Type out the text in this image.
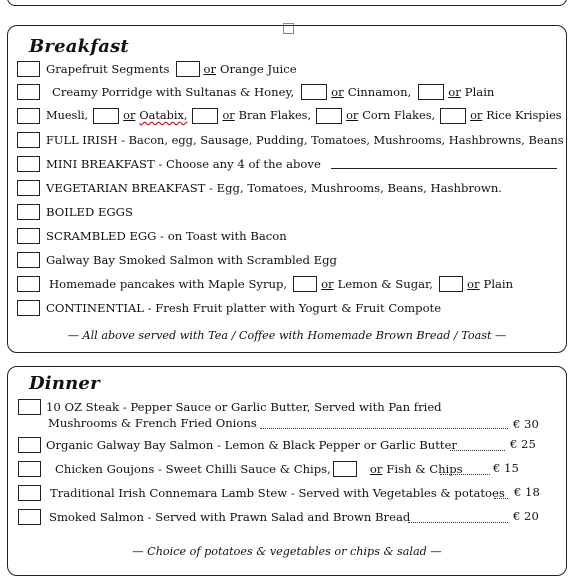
Breakfast
Grapefruit Segments	or Orange Juice
Creamy Porridge with Sultanas & Honey,	or Cinnamon,	or Plain
Muesli,	or Oatabix,	or Bran Flakes,	or Corn Flakes,	or Rice Krispies
FULL IRISH - Bacon, egg, Sausage, Pudding, Tomatoes, Mushrooms, Hashbrowns, Beans
MINI BREAKFAST - Choose any 4 of the above
VEGETARIAN BREAKFAST - Egg, Tomatoes, Mushrooms, Beans, Hashbrown.
BOILED EGGS
SCRAMBLED EGG - on Toast with Bacon
Galway Bay Smoked Salmon with Scrambled Egg
Homemade pancakes with Maple Syrup,	or Lemon & Sugar,	or Plain
CONTINENTIAL - Fresh Fruit platter with Yogurt & Fruit Compote
— All above served with Tea / Coffee with Homemade Brown Bread / Toast —
Dinner
10 OZ Steak - Pepper Sauce or Garlic Butter, Served with Pan fried
Mushrooms & French Fried Onions	€ 30
Organic Galway Bay Salmon - Lemon & Black Pepper or Garlic Butter	€ 25
Chicken Goujons - Sweet Chilli Sauce & Chips,	or Fish & Chips	€ 15
Traditional Irish Connemara Lamb Stew - Served with Vegetables & potatoes € 18
Smoked Salmon - Served with Prawn Salad and Brown Bread	€ 20
— Choice of potatoes & vegetables or chips & salad —
